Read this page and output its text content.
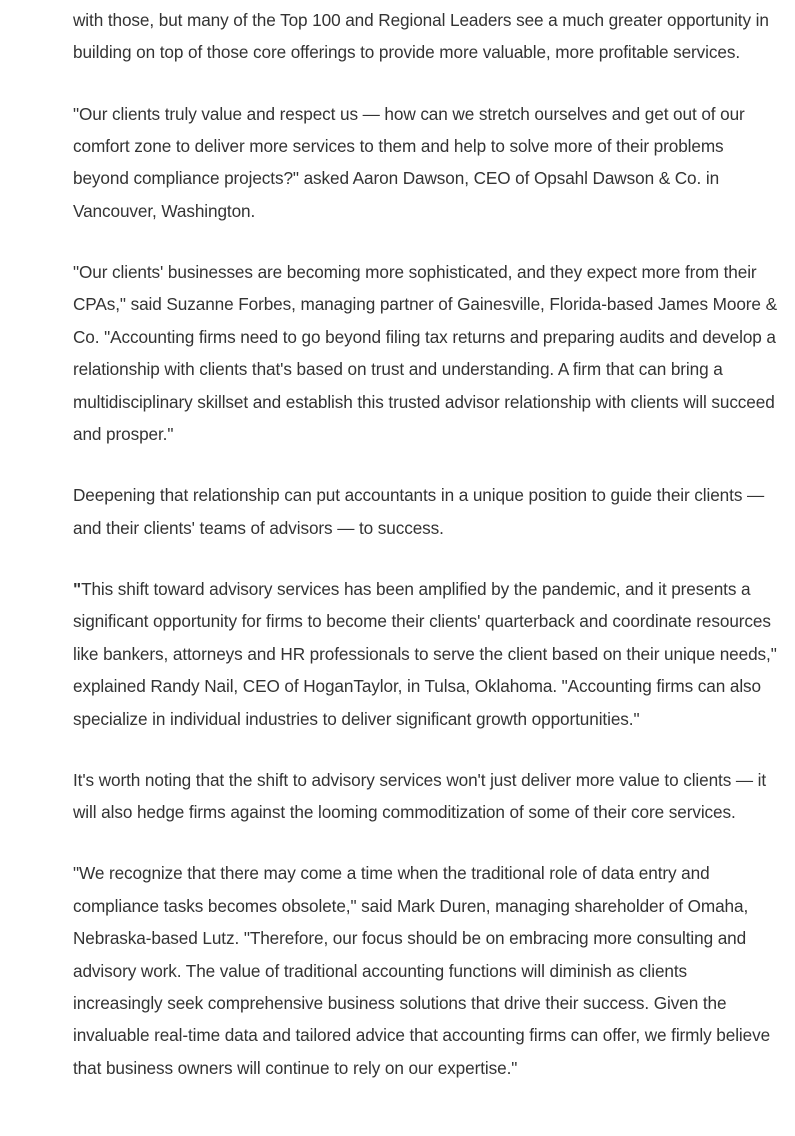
with those, but many of the Top 100 and Regional Leaders see a much greater opportunity in building on top of those core offerings to provide more valuable, more profitable services.

"Our clients truly value and respect us — how can we stretch ourselves and get out of our comfort zone to deliver more services to them and help to solve more of their problems beyond compliance projects?" asked Aaron Dawson, CEO of Opsahl Dawson & Co. in Vancouver, Washington.

"Our clients' businesses are becoming more sophisticated, and they expect more from their CPAs," said Suzanne Forbes, managing partner of Gainesville, Florida-based James Moore & Co. "Accounting firms need to go beyond filing tax returns and preparing audits and develop a relationship with clients that's based on trust and understanding. A firm that can bring a multidisciplinary skillset and establish this trusted advisor relationship with clients will succeed and prosper."

Deepening that relationship can put accountants in a unique position to guide their clients — and their clients' teams of advisors — to success.

"This shift toward advisory services has been amplified by the pandemic, and it presents a significant opportunity for firms to become their clients' quarterback and coordinate resources like bankers, attorneys and HR professionals to serve the client based on their unique needs," explained Randy Nail, CEO of HoganTaylor, in Tulsa, Oklahoma. "Accounting firms can also specialize in individual industries to deliver significant growth opportunities."

It's worth noting that the shift to advisory services won't just deliver more value to clients — it will also hedge firms against the looming commoditization of some of their core services.

"We recognize that there may come a time when the traditional role of data entry and compliance tasks becomes obsolete," said Mark Duren, managing shareholder of Omaha, Nebraska-based Lutz. "Therefore, our focus should be on embracing more consulting and advisory work. The value of traditional accounting functions will diminish as clients increasingly seek comprehensive business solutions that drive their success. Given the invaluable real-time data and tailored advice that accounting firms can offer, we firmly believe that business owners will continue to rely on our expertise."
